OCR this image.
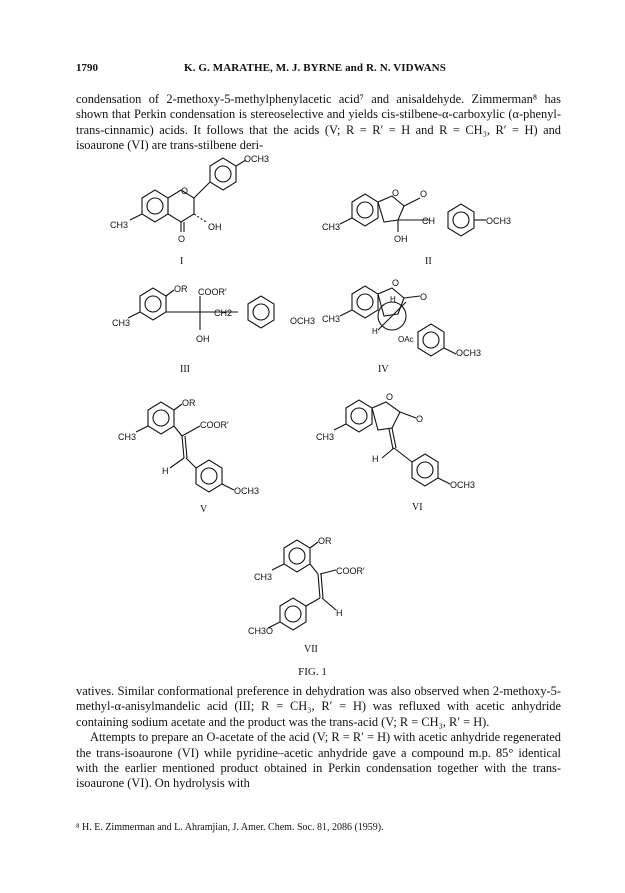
1790	K. G. MARATHE, M. J. BYRNE and R. N. VIDWANS
condensation of 2-methoxy-5-methylphenylacetic acid⁷ and anisaldehyde. Zimmerman⁸ has shown that Perkin condensation is stereoselective and yields cis-stilbene-α-carboxylic (α-phenyl-trans-cinnamic) acids. It follows that the acids (V; R = R′ = H and R = CH₃, R′ = H) and isoaurone (VI) are trans-stilbene deri-
OCH3
CH3
O
OH
O
I
O O
CH	OCH3
CH3
OH
II
OR COOR′
CH2
OCH3
CH3
OH
III
O
O
H
CH3
H
OAc
OCH3
IV
OR
COOR′
CH3
H
OCH3
V
O
O
CH3
H
OCH3
VI
OR
CH3
COOR′
H
CH3O
VII
FIG. 1
vatives. Similar conformational preference in dehydration was also observed when 2-methoxy-5-methyl-α-anisylmandelic acid (III; R = CH₃, R′ = H) was refluxed with acetic anhydride containing sodium acetate and the product was the trans-acid (V; R = CH₃, R′ = H).
Attempts to prepare an O-acetate of the acid (V; R = R′ = H) with acetic anhydride regenerated the trans-isoaurone (VI) while pyridine–acetic anhydride gave a compound m.p. 85° identical with the earlier mentioned product obtained in Perkin condensation together with the trans-isoaurone (VI). On hydrolysis with
⁸ H. E. Zimmerman and L. Ahramjian, J. Amer. Chem. Soc. 81, 2086 (1959).
